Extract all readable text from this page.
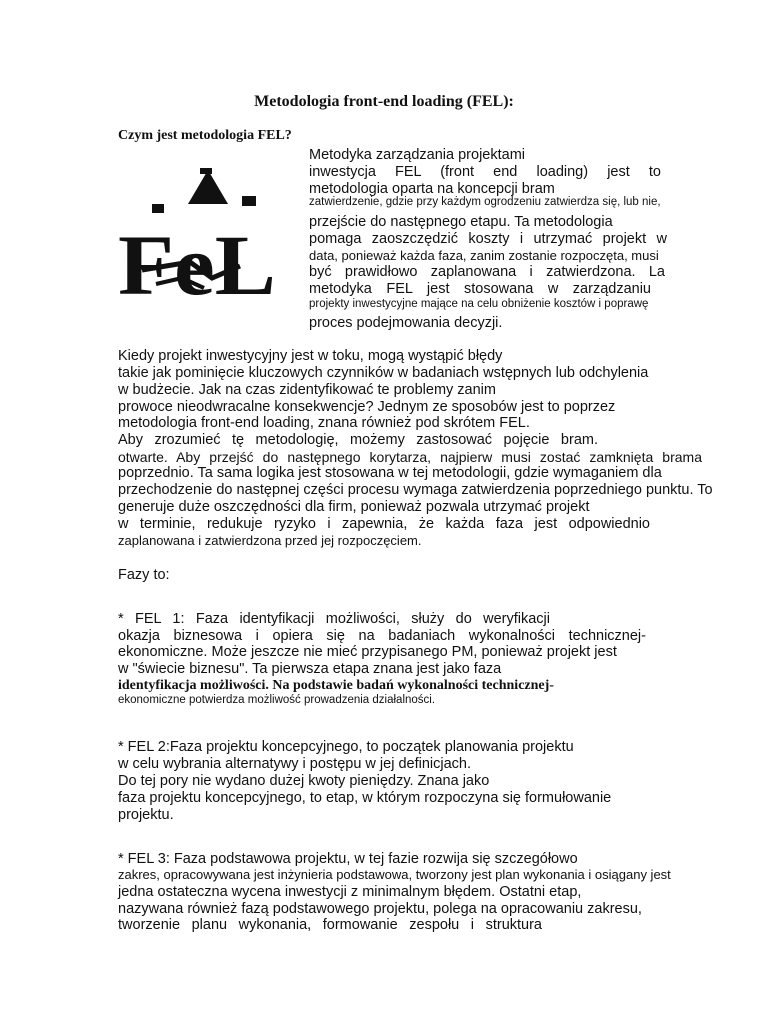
Metodologia front-end loading (FEL):
Czym jest metodologia FEL?
FeL
Metodyka zarządzania projektami
inwestycja FEL (front end loading) jest to
metodologia oparta na koncepcji bram
zatwierdzenie, gdzie przy każdym ogrodzeniu zatwierdza się, lub nie,
przejście do następnego etapu. Ta metodologia
pomaga zaoszczędzić koszty i utrzymać projekt w
data, ponieważ każda faza, zanim zostanie rozpoczęta, musi
być prawidłowo zaplanowana i zatwierdzona. La
metodyka FEL jest stosowana w zarządzaniu
projekty inwestycyjne mające na celu obniżenie kosztów i poprawę
proces podejmowania decyzji.
Kiedy projekt inwestycyjny jest w toku, mogą wystąpić błędy
takie jak pominięcie kluczowych czynników w badaniach wstępnych lub odchylenia
w budżecie. Jak na czas zidentyfikować te problemy zanim
prowoce nieodwracalne konsekwencje? Jednym ze sposobów jest to poprzez
metodologia front-end loading, znana również pod skrótem FEL.
Aby zrozumieć tę metodologię, możemy zastosować pojęcie bram.
otwarte. Aby przejść do następnego korytarza, najpierw musi zostać zamknięta brama
poprzednio. Ta sama logika jest stosowana w tej metodologii, gdzie wymaganiem dla
przechodzenie do następnej części procesu wymaga zatwierdzenia poprzedniego punktu. To
generuje duże oszczędności dla firm, ponieważ pozwala utrzymać projekt
w terminie, redukuje ryzyko i zapewnia, że każda faza jest odpowiednio
zaplanowana i zatwierdzona przed jej rozpoczęciem.
Fazy to:
* FEL 1: Faza identyfikacji możliwości, służy do weryfikacji
okazja biznesowa i opiera się na badaniach wykonalności technicznej-
ekonomiczne. Może jeszcze nie mieć przypisanego PM, ponieważ projekt jest
w "świecie biznesu". Ta pierwsza etapa znana jest jako faza
identyfikacja możliwości. Na podstawie badań wykonalności technicznej-
ekonomiczne potwierdza możliwość prowadzenia działalności.
* FEL 2:Faza projektu koncepcyjnego, to początek planowania projektu
w celu wybrania alternatywy i postępu w jej definicjach.
Do tej pory nie wydano dużej kwoty pieniędzy. Znana jako
faza projektu koncepcyjnego, to etap, w którym rozpoczyna się formułowanie
projektu.
* FEL 3: Faza podstawowa projektu, w tej fazie rozwija się szczegółowo
zakres, opracowywana jest inżynieria podstawowa, tworzony jest plan wykonania i osiągany jest
jedna ostateczna wycena inwestycji z minimalnym błędem. Ostatni etap,
nazywana również fazą podstawowego projektu, polega na opracowaniu zakresu,
tworzenie planu wykonania, formowanie zespołu i struktura
